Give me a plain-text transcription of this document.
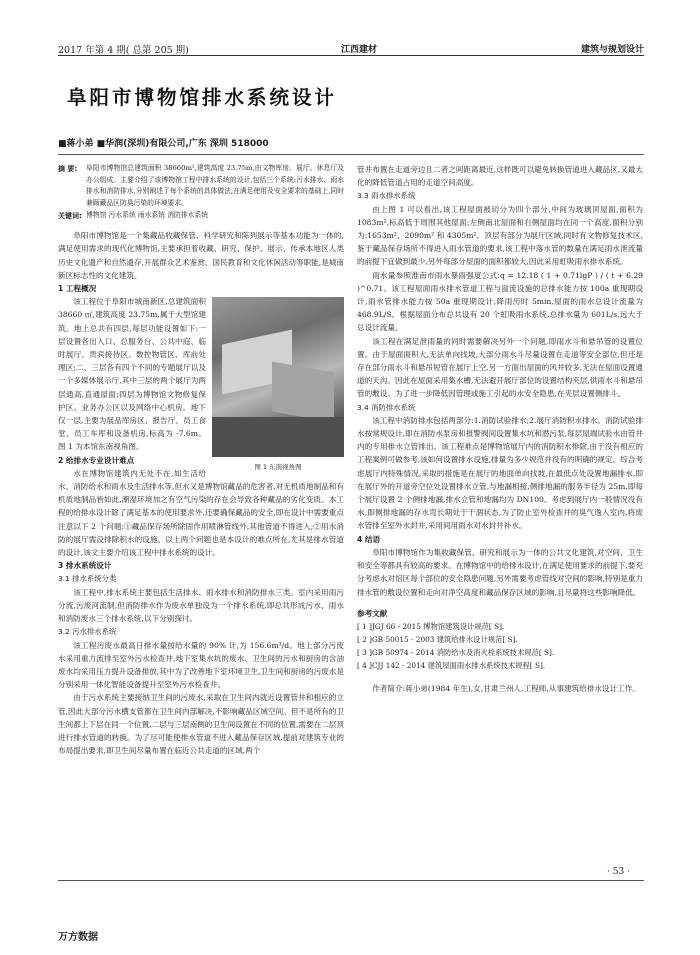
2017 年第 4 期( 总第 205 期)	江西建材	建筑与规划设计
阜阳市博物馆排水系统设计
■蒋小弟 ■华润(深圳)有限公司,广东 深圳 518000
摘 要:	阜阳市博物馆总建筑面积 38660m²,建筑高度 23.75m,由文物库房、展厅、休息厅及办公组成。主要介绍了该博物馆工程中排水系统的设计,包括三个系统:污水排水、雨水排水和消防排水,分别阐述了每个系统的具体做法,在满足使用及安全要求的基础上,同时兼顾藏品区防臭污染的环境要求。
关键词: 博物馆 污水系统 雨水系统 消防排水系统

阜阳市博物馆是一个集藏品收藏保管、科学研究和陈列展示等基本功能为一体的,满足使用需求的现代化博物馆,主要承担着收藏、研究、保护、展示、传承本地区人类历史文化遗产和自然遗存,开展群众艺术鉴赏、国民教育和文化休闲活动等职能,是城南新区标志性的文化建筑。

1 工程概况
图 1 东南视角图

该工程位于阜阳市城南新区,总建筑面积 38660 ㎡,建筑高度 23.75m,属于大型馆建筑。地上总共有四层,每层功能设置如下:一层设置各出入口、总服务台、公共中庭、临时展厅、贵宾接待区、数控物管区、库前处理区;二、三层各有四个不同的专题展厅以及一个多媒体展示厅,其中三层的两个展厅为两层通高,直通屋面;四层为博物馆文物修复保护区、业务办公区以及网络中心机房。地下仅一层,主要为展品库房区、报告厅、员工食堂、员工车库和设备机房,标高为 -7.6m。图 1 为本馆东南视角图。

2 给排水专业设计难点

水在博物馆建筑内无处不在,如生活给水、消防给水和雨水及生活排水等,但水又是博物馆藏品的危害者,对无机质地制品和有机质地制品皆如此,潮湿环境加之有空气污染的存在会导致各种藏品的劣化变质。本工程的给排水设计除了满足基本的使用要求外,还要确保藏品的安全,即在设计中需要重点注意以下 2 个问题:①藏品保存场所除固作用喷淋管线外,其他管道不得进入;②用水消防的展厅需设排除积水的设施。以上两个问题也是本设计的难点所在,尤其是排水管道的设计,该文主要介绍该工程中排水系统的设计。

3 排水系统设计
3.1 排水系统分类

该工程中,排水系统主要包括生活排水、雨水排水和消防排水三类。室内采用雨污分流,污废河流制,但消防排水作为废水单独设为一个排水系统,即总共形成污水、雨水和消防废水三个排水系统,以下分别探讨。

3.2 污水排水系统

该工程污废水最高日排水量按给水量的 90% 计,为 156.6m³/d。地上部分污废水采用重力流排至室外污水检查井,地下室集水坑的废水、卫生间的污水和厨房的含油废水均采用压力提升设备排放,其中为了改善地下室环境卫生,卫生间和厨房的污废水是分别采用一体化智能设备提升至室外污水检查井。

由于污水系统主要接纳卫生间的污废水,采取在卫生间内就近设置管井和相应的立管,因此大部分污水横支管都在卫生间内部解决,不影响藏品区域空间。但不是所有的卫生间都上下层在同一个位置,二层与三层南侧的卫生间设置在不同的位置,需要在二层顶进行排水管道的转换。为了尽可能使排水管道不进入藏品保存区域,提前对建筑专业的布局提出要求,即卫生间尽量布置在临近公共走道的区域,两个

管井布置在走道旁边且二者之间距离最近,这样既可以避免转换管道进入藏品区,又最大化的降低管道占用的走道空间高度。

3.3 雨水排水系统

由上图 1 可以看出,该工程屋面被切分为四个部分,中间为玻璃顶屋面,面积为 1083m²,标高低于周围其他屋面;左侧南北屋面和右侧屋面均在同一个高度,面积分别为:1653m²、2090m² 和 4305m²。顶层有部分为展厅区域,同时有文物修复技术区,鉴于藏品保存场所不得进入雨水管道的要求,该工程中落水管的数量在满足雨水泄流量的前提下宜做到最少,另外每部分屋面的面积都较大,因此采用虹吸雨水排水系统。

雨水量参照淮南市雨水暴雨强度公式:q = 12.18 ( 1 + 0.71lgP ) / ( t + 6.29 )^0.71。该工程屋面雨水排水管道工程与溢流设施的总排水能力按 100a 重现期设计,雨水管排水能力按 50a 重现期设计,降雨历时 5min,屋面的雨水总设计流量为 468.9L/S。根据屋面分布总共设有 20 个虹吸雨水系统,总排水量为 601L/s,远大于总设计流量。

该工程在满足泄雨量的同时需要解决另外一个问题,即雨水斗和悬吊管的设置位置。由于屋面面积大,无法单向找坡,大部分雨水斗尽量设置在走道等安全部位,但还是存在部分雨水斗和悬吊短管在展厅上空,另一方面出屋面的风井较多,无法在屋面设置通道的天沟。因此在屋面采用集水槽,无法避开展厅部位的设置结构夹层,供雨水斗和悬吊管的敷设。为了进一步降低因管理或施工引起的水安全隐患,在夹层设置侧排斗。

3.4 消防排水系统

该工程中消防排水包括两部分:1.消防试验排水;2.展厅消防积水排水。消防试验排水按常规设计,即在消防水泵房和报警阀间设置集水坑和潜污泵,每层屋端试验水由管井内的专用排水立管排出。该工程难点是博物馆展厅内的消防积水排除,由于没有相应的工程案例可做参考,该如何设置排水设施,排量为多少规范并没有的明确的规定。综合考虑展厅内特殊情况,采取的措施是在展厅的地面单向找坡,在最低点处设置地漏排水,即在展厅外的开道旁空位处设置排水立管,与地漏相接,侧排地漏的服务半径为 25m,即每个展厅设置 2 个侧排地漏,排水立管和地漏均为 DN100。考虑到展厅内一般情况没有水,即侧排地漏的存水弯长期处于干涸状态,为了防止室外检查井的臭气逸入室内,将废水管排至室外水封井,采用间用雨水对水封井补水。

4 结语

阜阳市博物馆作为集收藏保管、研究和展示为一体的公共文化建筑,对空间、卫生和安全等都具有较高的要求。在博物馆中的给排水设计,在满足使用要求的前提下,要充分考虑水对馆区每个部位的安全隐患问题,另外需要考虑管线对空间的影响,特别是重力排水管的敷设位置和走向对净空高度和藏品保存区域的影响,且尽量将这些影响降低。

参考文献
[ 1 ]JGJ 66 - 2015 博物馆建筑设计规范[ S].
[ 2 ]GB 50015 - 2003 建筑给排水设计规范[ S].
[ 3 ]GB 50974 - 2014 消防给水及消火栓系统技术规范[ S].
[ 4 ]CJJ 142 - 2014 建筑屋面雨水排水系统技术规程[ S].

作者简介:蒋小弟(1984 年生),女,甘肃兰州人,工程师,从事建筑给排水设计工作。

· 53 ·
万方数据
